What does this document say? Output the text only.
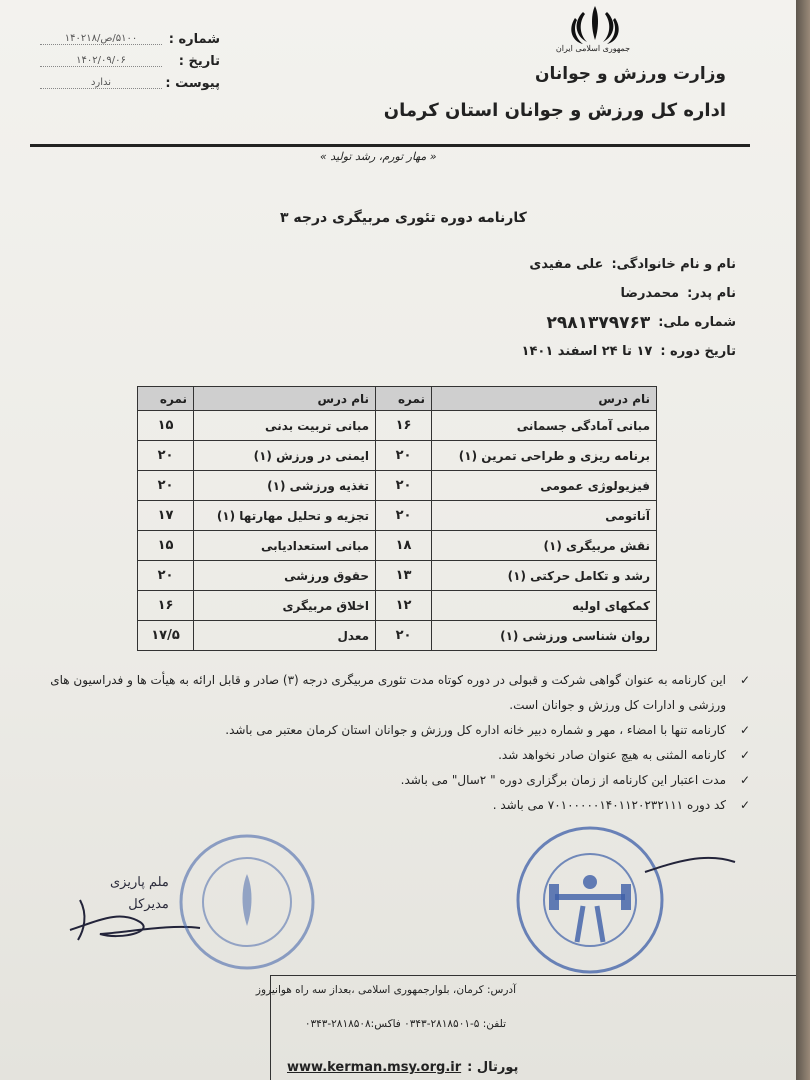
شماره :
۵۱۰۰/ص/۱۴۰۲۱۸
تاریخ :
۱۴۰۲/۰۹/۰۶
پیوست :
ندارد
جمهوری اسلامی ایران
وزارت ورزش و جوانان
اداره کل ورزش و جوانان استان کرمان
« مهار تورم، رشد تولید »
کارنامه دوره تئوری مربیگری درجه ۳
نام و نام خانوادگی:
علی مفیدی
نام پدر:
محمدرضا
شماره ملی:
۲۹۸۱۳۷۹۷۶۳
تاریخ دوره :
۱۷ تا ۲۴ اسفند ۱۴۰۱
نام درس	نمره	نام درس	نمره
مبانی آمادگی جسمانی	۱۶	مبانی تربیت بدنی	۱۵
برنامه ریزی و طراحی تمرین (۱)	۲۰	ایمنی در ورزش (۱)	۲۰
فیزیولوژی عمومی	۲۰	تغذیه ورزشی (۱)	۲۰
آناتومی	۲۰	تجزیه و تحلیل مهارتها (۱)	۱۷
نقش مربیگری (۱)	۱۸	مبانی استعدادیابی	۱۵
رشد و تکامل حرکتی (۱)	۱۳	حقوق ورزشی	۲۰
کمکهای اولیه	۱۲	اخلاق مربیگری	۱۶
روان شناسی ورزشی (۱)	۲۰	معدل	۱۷/۵
✓
این کارنامه به عنوان گواهی شرکت و قبولی در دوره کوتاه مدت تئوری مربیگری درجه (۳) صادر و قابل ارائه به هیأت ها و فدراسیون های ورزشی و ادارات کل ورزش و جوانان است.
✓
کارنامه تنها با امضاء ، مهر و شماره دبیر خانه اداره کل ورزش و جوانان استان کرمان معتبر می باشد.
✓
کارنامه المثنی به هیچ عنوان صادر نخواهد شد.
✓
مدت اعتبار این کارنامه از زمان برگزاری دوره " ۲سال" می باشد.
✓
کد دوره ۷۰۱۰۰۰۰۰۱۴۰۱۱۲۰۲۳۲۱۱۱ می باشد .
ملم پاریزی
مدیرکل
آدرس: کرمان، بلوارجمهوری اسلامی ،بعداز سه راه هوانیروز
تلفن: ۵-۲۸۱۸۵۰۱-۰۳۴۳ فاکس:۲۸۱۸۵۰۸-۰۳۴۳
پورتال :
www.kerman.msy.org.ir
